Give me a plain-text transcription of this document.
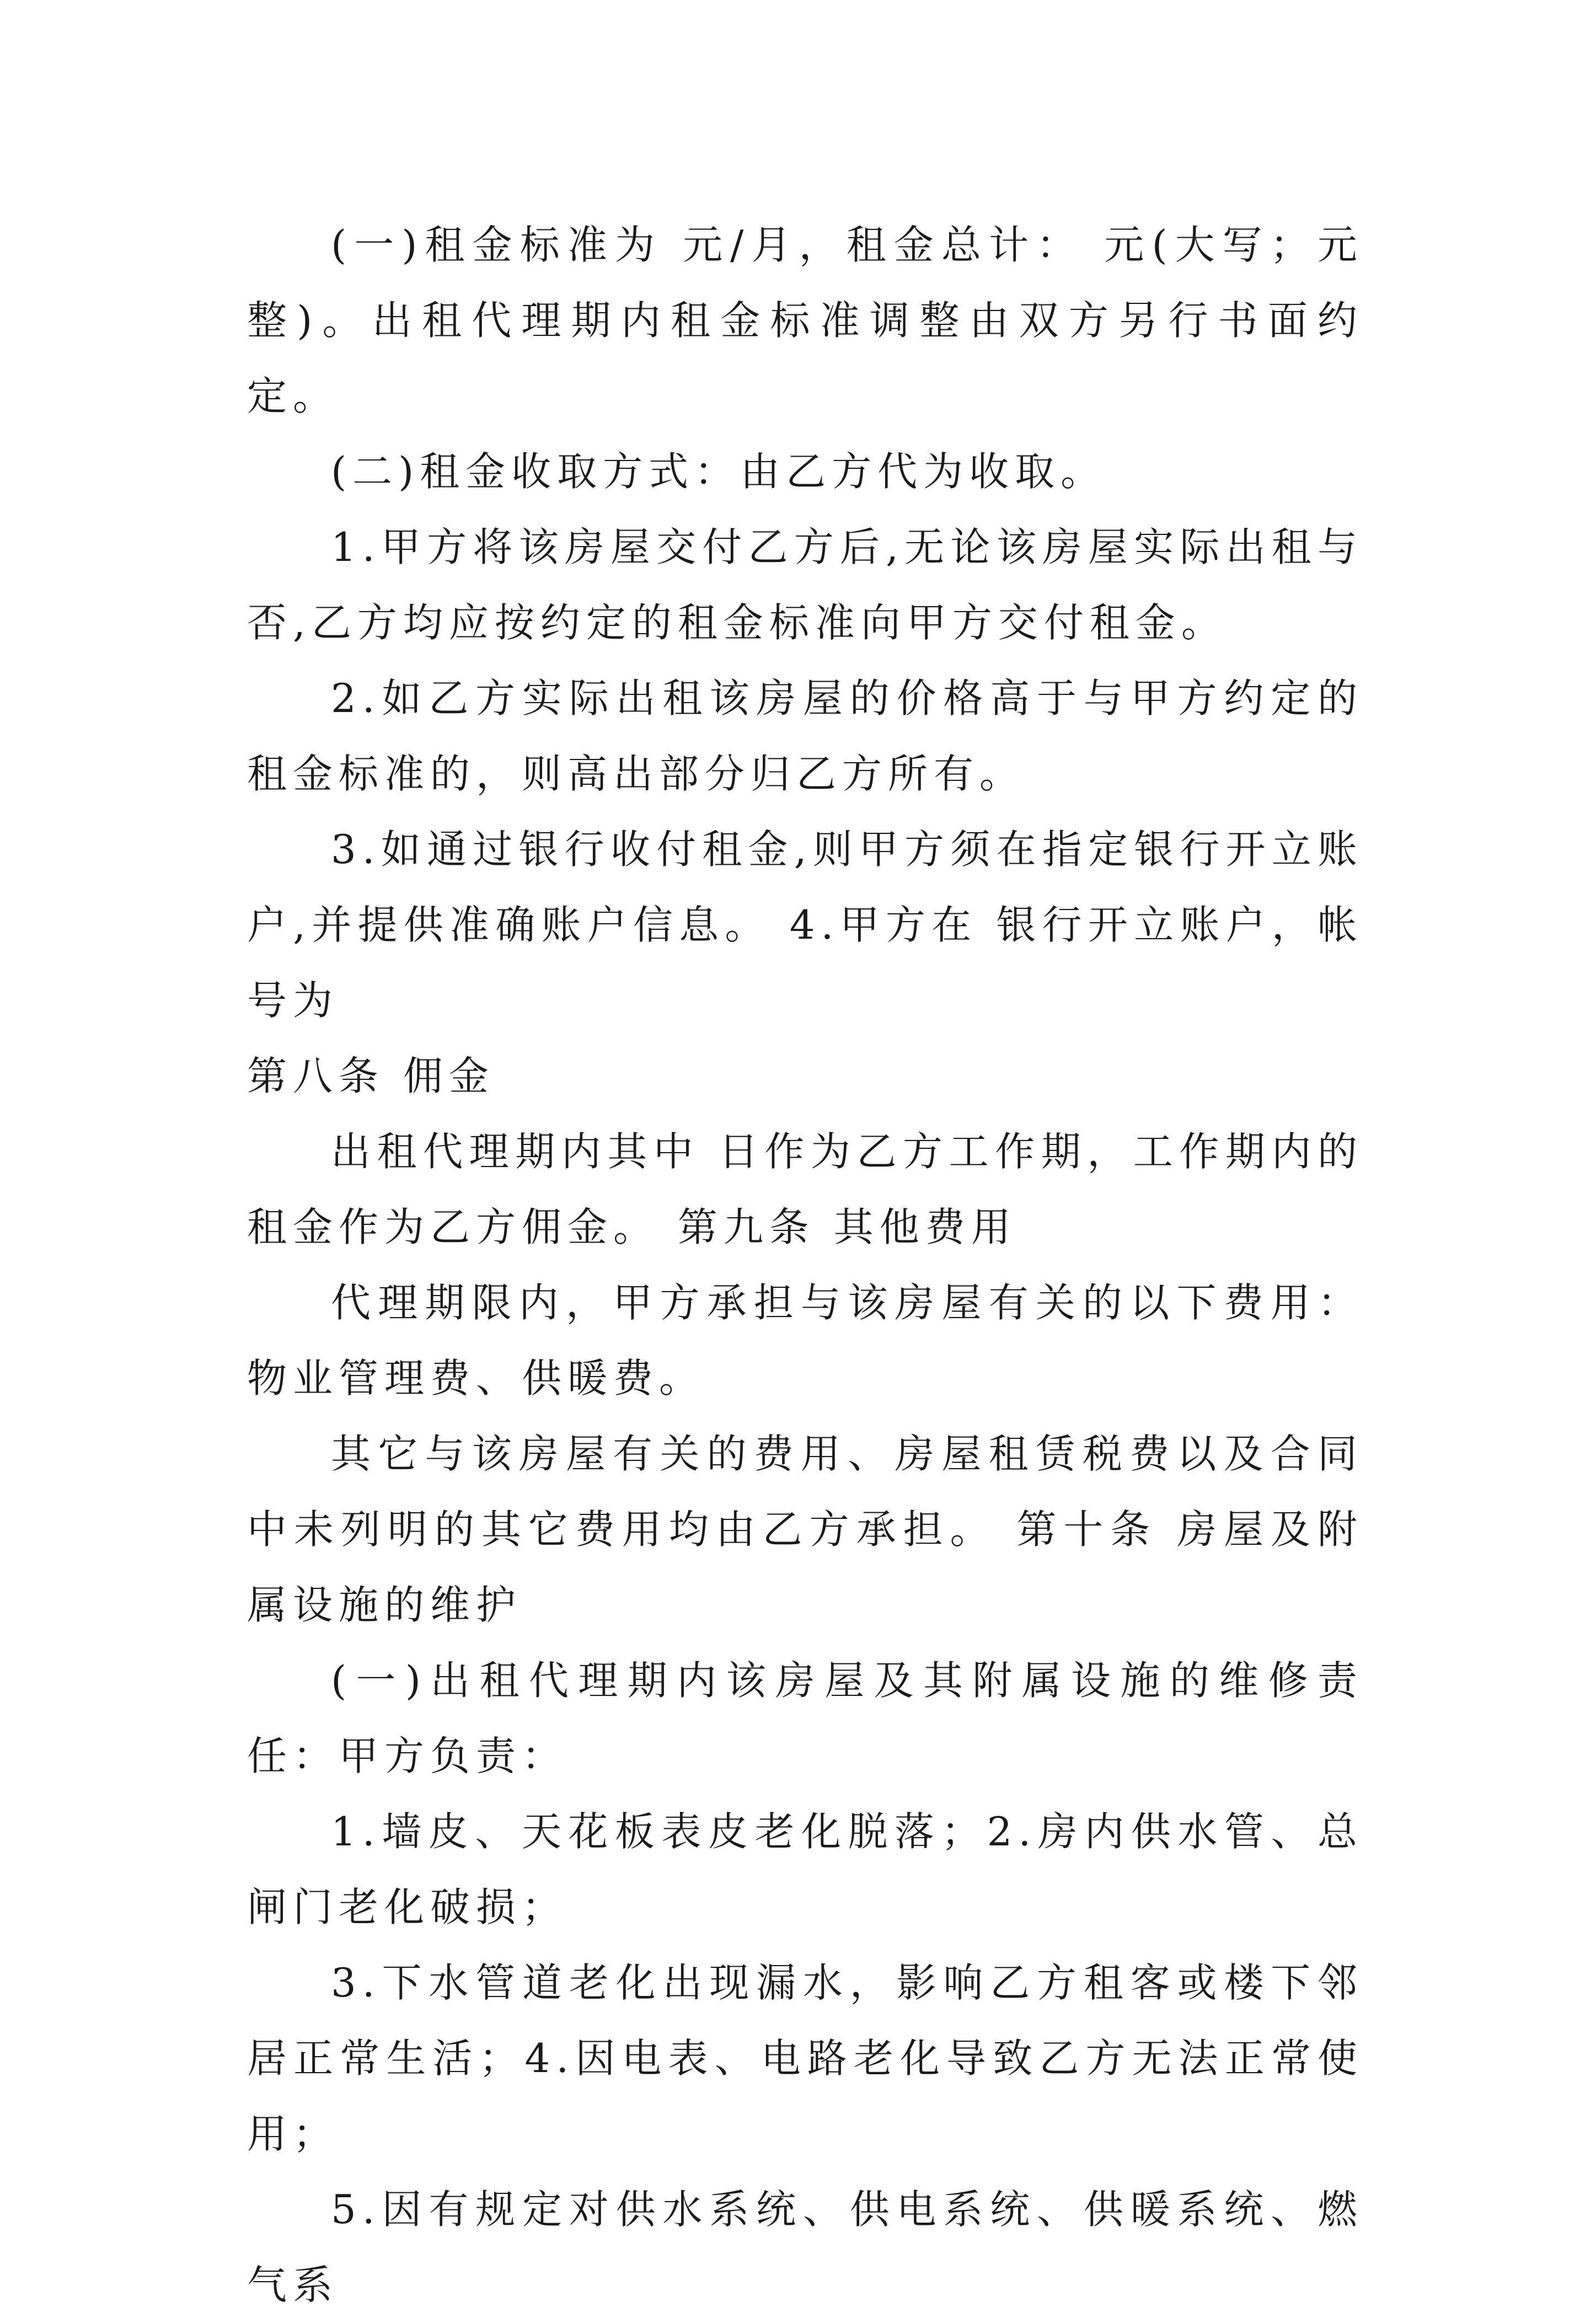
(一)租金标准为 元/月，租金总计： 元(大写；元整)。出租代理期内租金标准调整由双方另行书面约定。

(二)租金收取方式：由乙方代为收取。

1.甲方将该房屋交付乙方后,无论该房屋实际出租与否,乙方均应按约定的租金标准向甲方交付租金。

2.如乙方实际出租该房屋的价格高于与甲方约定的租金标准的，则高出部分归乙方所有。

3.如通过银行收付租金,则甲方须在指定银行开立账户,并提供准确账户信息。 4.甲方在 银行开立账户，帐号为

第八条 佣金

出租代理期内其中 日作为乙方工作期，工作期内的租金作为乙方佣金。 第九条 其他费用

代理期限内，甲方承担与该房屋有关的以下费用：物业管理费、供暖费。

其它与该房屋有关的费用、房屋租赁税费以及合同中未列明的其它费用均由乙方承担。 第十条 房屋及附属设施的维护

(一)出租代理期内该房屋及其附属设施的维修责任：甲方负责：

1.墙皮、天花板表皮老化脱落；2.房内供水管、总闸门老化破损；

3.下水管道老化出现漏水，影响乙方租客或楼下邻居正常生活；4.因电表、电路老化导致乙方无法正常使用；

5.因有规定对供水系统、供电系统、供暖系统、燃气系
